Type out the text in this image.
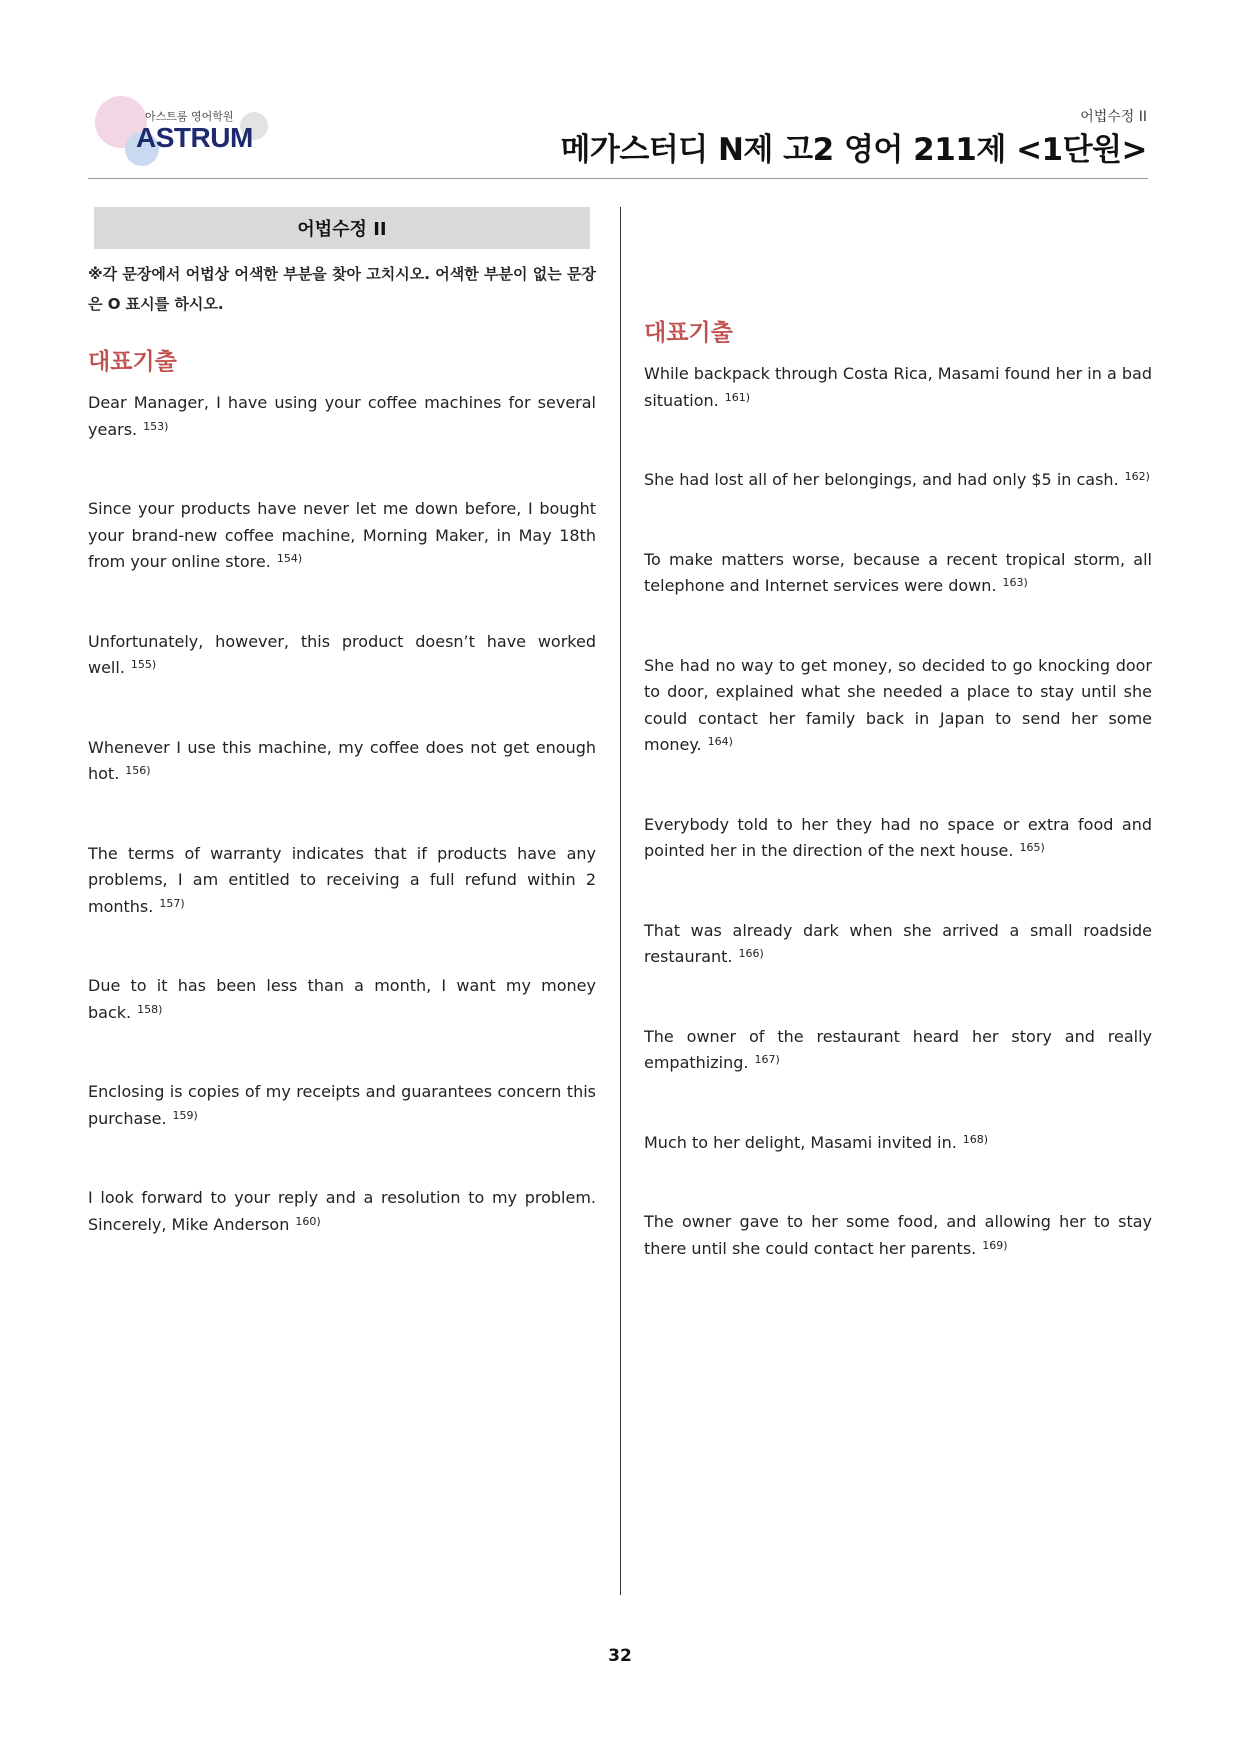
아스트룸 영어학원
ASTRUM
어법수정 II
메가스터디 N제 고2 영어 211제 <1단원>
어법수정 II
※각 문장에서 어법상 어색한 부분을 찾아 고치시오. 어색한 부분이 없는 문장은 O 표시를 하시오.
대표기출

Dear Manager, I have using your coffee machines for several years. $^{153)}$

Since your products have never let me down before, I bought your brand-new coffee machine, Morning Maker, in May 18th from your online store. $^{154)}$

Unfortunately, however, this product doesn’t have worked well. $^{155)}$

Whenever I use this machine, my coffee does not get enough hot. $^{156)}$

The terms of warranty indicates that if products have any problems, I am entitled to receiving a full refund within 2 months. $^{157)}$

Due to it has been less than a month, I want my money back. $^{158)}$

Enclosing is copies of my receipts and guarantees concern this purchase. $^{159)}$

I look forward to your reply and a resolution to my problem. Sincerely, Mike Anderson $^{160)}$

대표기출

While backpack through Costa Rica, Masami found her in a bad situation. $^{161)}$

She had lost all of her belongings, and had only $5 in cash. $^{162)}$

To make matters worse, because a recent tropical storm, all telephone and Internet services were down. $^{163)}$

She had no way to get money, so decided to go knocking door to door, explained what she needed a place to stay until she could contact her family back in Japan to send her some money. $^{164)}$

Everybody told to her they had no space or extra food and pointed her in the direction of the next house. $^{165)}$

That was already dark when she arrived a small roadside restaurant. $^{166)}$

The owner of the restaurant heard her story and really empathizing. $^{167)}$

Much to her delight, Masami invited in. $^{168)}$

The owner gave to her some food, and allowing her to stay there until she could contact her parents. $^{169)}$

32
